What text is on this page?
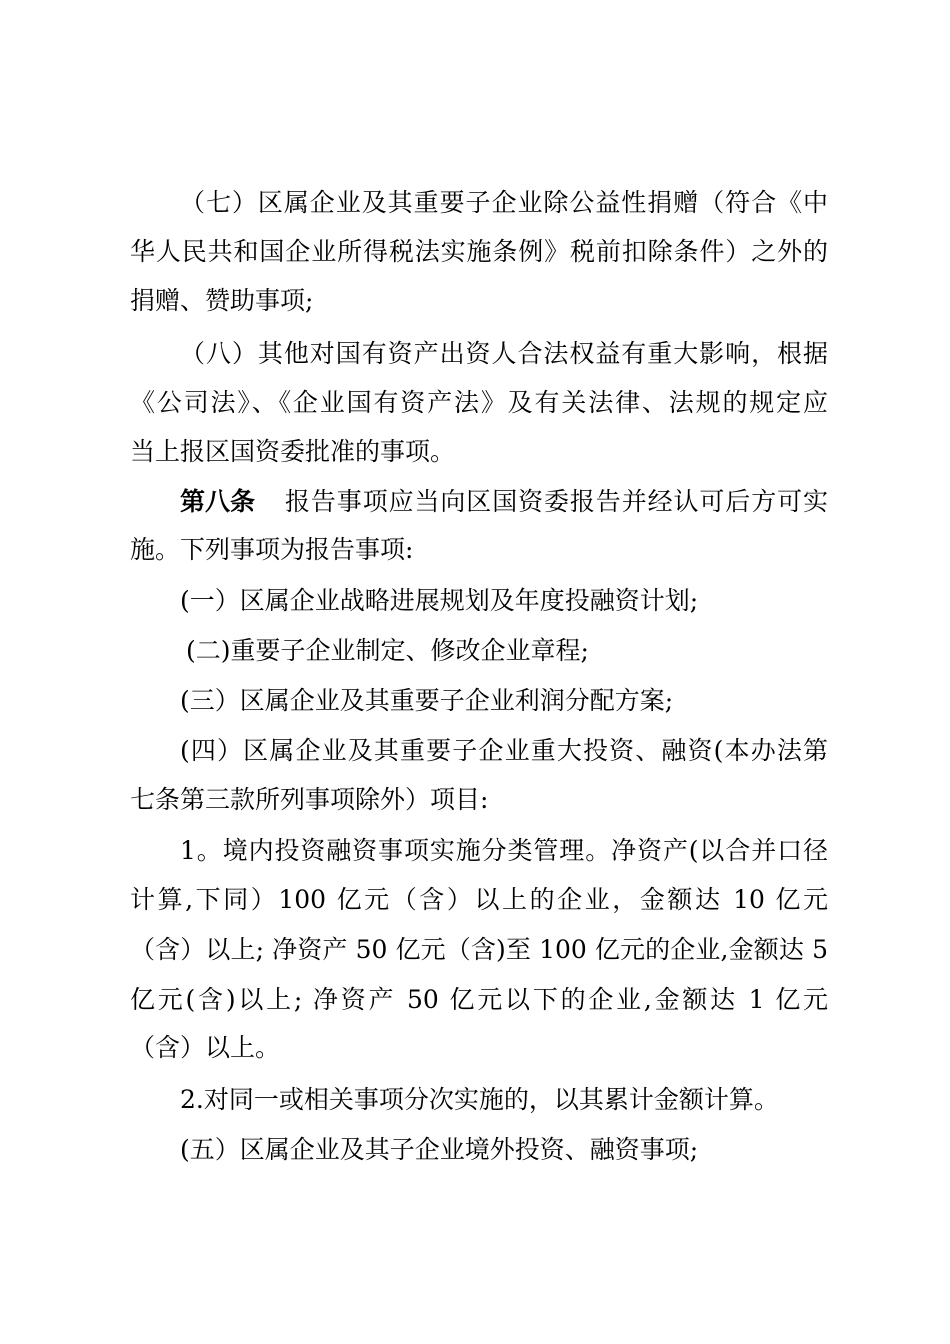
（七）区属企业及其重要子企业除公益性捐赠（符合《中

华人民共和国企业所得税法实施条例》税前扣除条件）之外的

捐赠、赞助事项;

（八）其他对国有资产出资人合法权益有重大影响，根据

《公司法》、《企业国有资产法》及有关法律、法规的规定应

当上报区国资委批准的事项。

第八条

报告事项应当向区国资委报告并经认可后方可实

施。下列事项为报告事项:

(一）区属企业战略进展规划及年度投融资计划;

(二)重要子企业制定、修改企业章程;

(三）区属企业及其重要子企业利润分配方案;

(四）区属企业及其重要子企业重大投资、融资(本办法第

七条第三款所列事项除外）项目:

1。境内投资融资事项实施分类管理。净资产(以合并口径

计算,下同）100 亿元（含）以上的企业，金额达 10 亿元

（含）以上; 净资产 50 亿元（含)至 100 亿元的企业,金额达 5

亿元(含)以上; 净资产 50 亿元以下的企业,金额达 1 亿元

（含）以上。

2.对同一或相关事项分次实施的，以其累计金额计算。

(五）区属企业及其子企业境外投资、融资事项;
